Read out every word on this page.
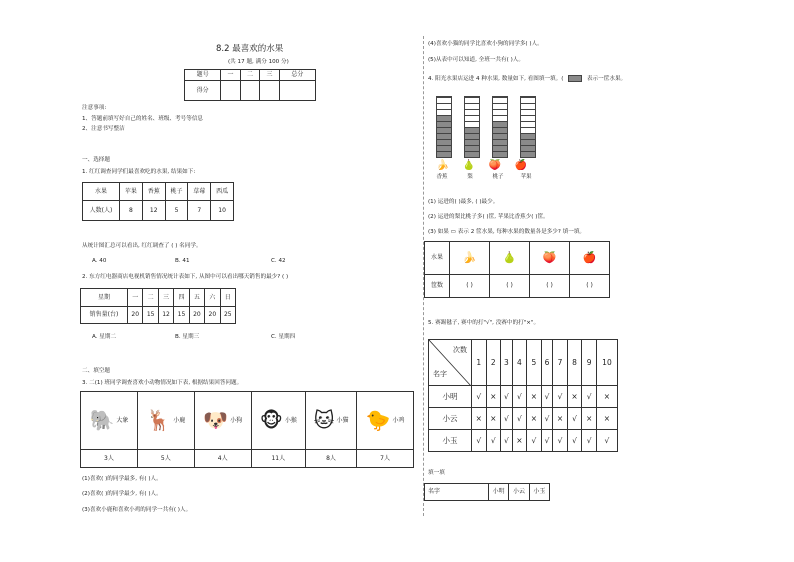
8.2 最喜欢的水果
(共 17 题, 满分 100 分)
题号	一	二	三	总分
得分				
注意事项:
1、答题前填写好自己的姓名、班级、考号等信息
2、注意书写整洁
一、选择题
1. 红红调查同学们最喜欢吃的水果, 结果如下:
水果	苹果	香蕉	桃子	草莓	西瓜
人数(人)	8	12	5	7	10
从统计图汇总可以看出, 红红调查了 ( ) 名同学。
A. 40	B. 41	C. 42
2. 东方红电器商店电视机销售情况统计表如下, 从图中可以看出哪天销售的最少? ( )
星期	一	二	三	四	五	六	日
销售量(台)	20	15	12	15	20	20	25
A. 星期二	B. 星期三	C. 星期四
二、填空题
3. 二(1) 班同学调查喜欢小动物情况如下表, 根据结果回答问题。
🐘 大象	🦌 小鹿	🐶 小狗	🐵 小猴	🐱 小猫	🐤 小鸡

3人	5人	4人	11人	8人	7人
(1)喜欢( )的同学最多, 有( )人。
(2)喜欢( )的同学最少, 有( )人。
(3)喜欢小鹿和喜欢小鸡的同学一共有( )人。
(4)喜欢小猫的同学比喜欢小狗的同学多( )人。
(5)从表中可以知道, 全班一共有( )人。
4. 阳光水果店运进 4 种水果, 数量如下, 看图填一填。(	表示一筐水果。
🍌 🍐 🍑 🍎
香蕉	梨	桃子	苹果
(1) 运进的( )最多, ( )最少。
(2) 运进的梨比桃子多( )筐, 苹果比香蕉少( )筐。
(3) 如果 ▭ 表示 2 筐水果, 每种水果的数量各是多少? 填一填。
水果	🍌	🍐	🍑	🍎
筐数	( )	( )	( )	( )
5. 赛踢毽子, 赛中的打"√", 没赛中的打"×"。
次数
名字	1	2	3	4	5	6	7	8	9	10
小明	√	×	√	√	×	√	√	×	√	×
小云	×	×	√	√	×	√	×	√	×	×
小玉	√	√	√	×	√	√	√	√	√	√
填一填
名字	小明	小云	小玉
